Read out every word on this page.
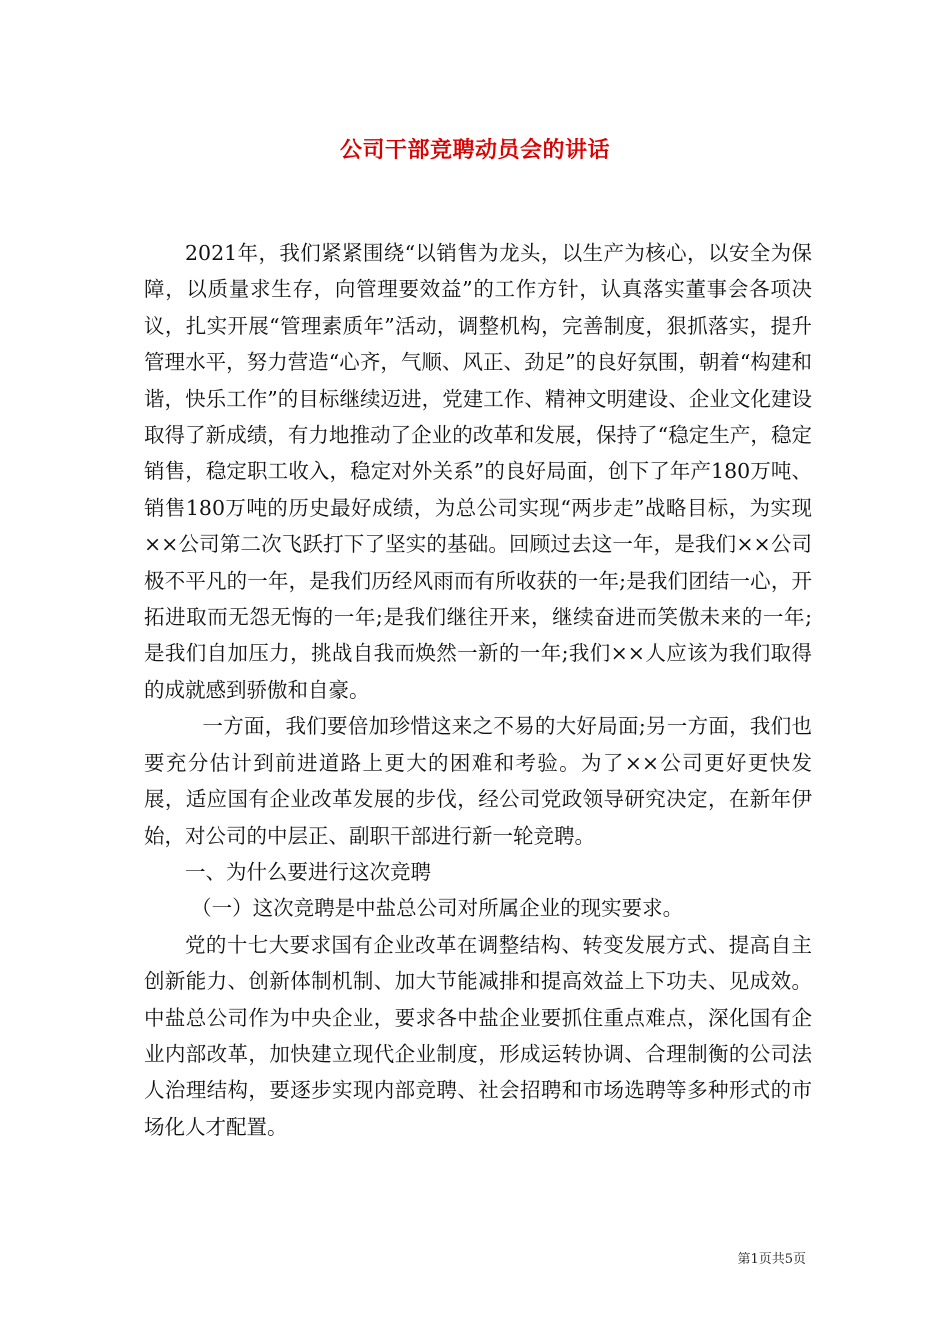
公司干部竞聘动员会的讲话

2021年，我们紧紧围绕“以销售为龙头，以生产为核心，以安全为保障，以质量求生存，向管理要效益”的工作方针，认真落实董事会各项决议，扎实开展“管理素质年”活动，调整机构，完善制度，狠抓落实，提升管理水平，努力营造“心齐，气顺、风正、劲足”的良好氛围，朝着“构建和谐，快乐工作”的目标继续迈进，党建工作、精神文明建设、企业文化建设取得了新成绩，有力地推动了企业的改革和发展，保持了“稳定生产，稳定销售，稳定职工收入，稳定对外关系”的良好局面，创下了年产180万吨、销售180万吨的历史最好成绩，为总公司实现“两步走”战略目标，为实现××公司第二次飞跃打下了坚实的基础。回顾过去这一年，是我们××公司极不平凡的一年，是我们历经风雨而有所收获的一年;是我们团结一心，开拓进取而无怨无悔的一年;是我们继往开来，继续奋进而笑傲未来的一年;是我们自加压力，挑战自我而焕然一新的一年;我们××人应该为我们取得的成就感到骄傲和自豪。

一方面，我们要倍加珍惜这来之不易的大好局面;另一方面，我们也要充分估计到前进道路上更大的困难和考验。为了××公司更好更快发展，适应国有企业改革发展的步伐，经公司党政领导研究决定，在新年伊始，对公司的中层正、副职干部进行新一轮竞聘。

一、为什么要进行这次竞聘

（一）这次竞聘是中盐总公司对所属企业的现实要求。

党的十七大要求国有企业改革在调整结构、转变发展方式、提高自主创新能力、创新体制机制、加大节能减排和提高效益上下功夫、见成效。中盐总公司作为中央企业，要求各中盐企业要抓住重点难点，深化国有企业内部改革，加快建立现代企业制度，形成运转协调、合理制衡的公司法人治理结构，要逐步实现内部竞聘、社会招聘和市场选聘等多种形式的市场化人才配置。

第1页共5页
